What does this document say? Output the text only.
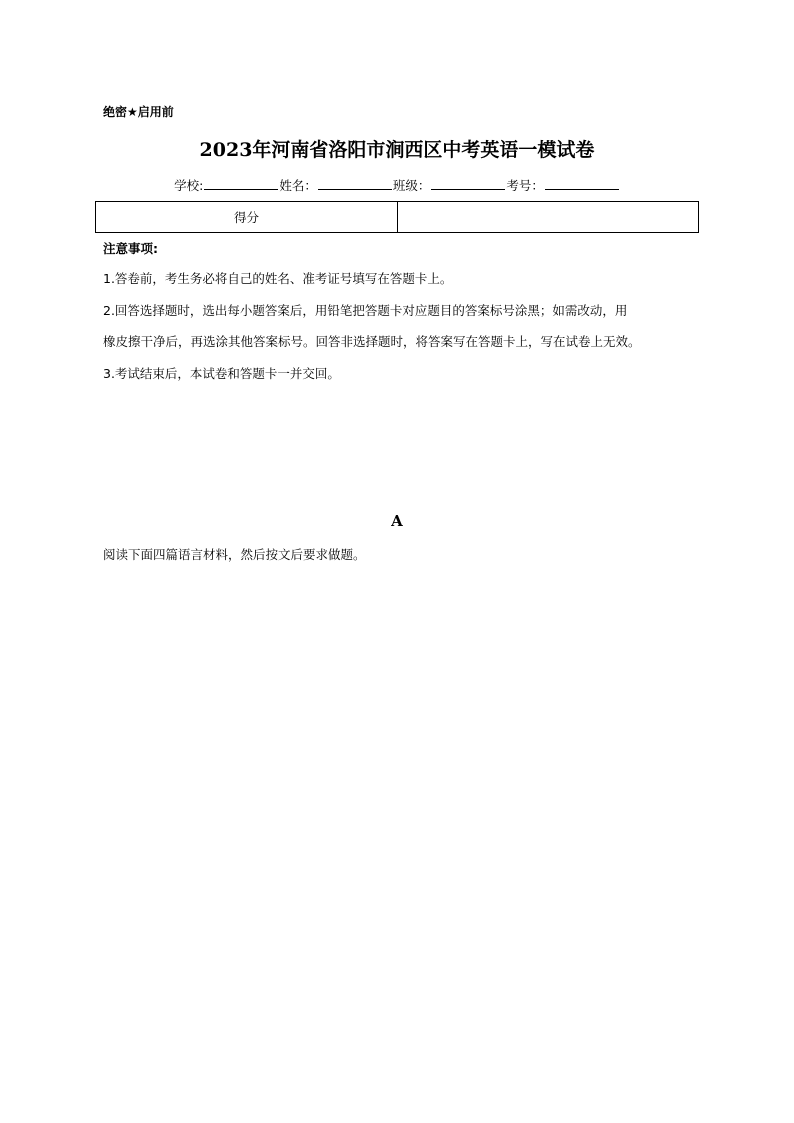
绝密★启用前
2023年河南省洛阳市涧西区中考英语一模试卷
学校:	姓名：	班级：	考号：
得分	
注意事项:
1.答卷前，考生务必将自己的姓名、准考证号填写在答题卡上。
2.回答选择题时，选出每小题答案后，用铅笔把答题卡对应题目的答案标号涂黑；如需改动，用
橡皮擦干净后，再选涂其他答案标号。回答非选择题时，将答案写在答题卡上，写在试卷上无效。
3.考试结束后，本试卷和答题卡一并交回。
A
阅读下面四篇语言材料，然后按文后要求做题。
